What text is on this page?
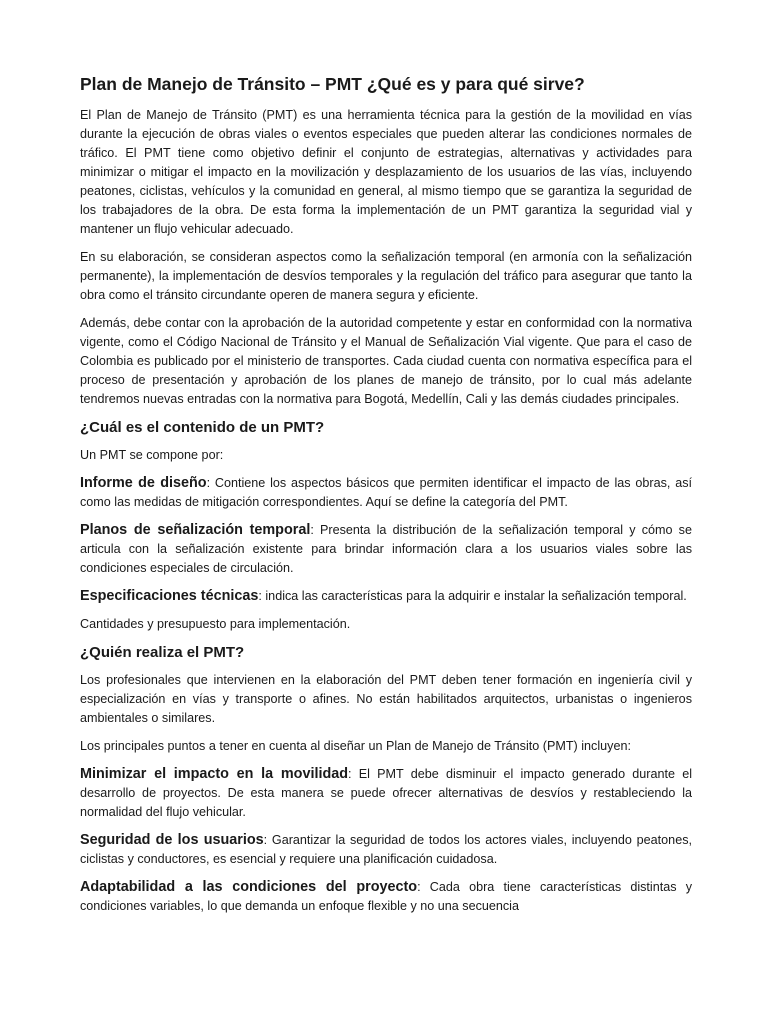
Plan de Manejo de Tránsito – PMT ¿Qué es y para qué sirve?

El Plan de Manejo de Tránsito (PMT) es una herramienta técnica para la gestión de la movilidad en vías durante la ejecución de obras viales o eventos especiales que pueden alterar las condiciones normales de tráfico. El PMT tiene como objetivo definir el conjunto de estrategias, alternativas y actividades para minimizar o mitigar el impacto en la movilización y desplazamiento de los usuarios de las vías, incluyendo peatones, ciclistas, vehículos y la comunidad en general, al mismo tiempo que se garantiza la seguridad de los trabajadores de la obra. De esta forma la implementación de un PMT garantiza la seguridad vial y mantener un flujo vehicular adecuado.

En su elaboración, se consideran aspectos como la señalización temporal (en armonía con la señalización permanente), la implementación de desvíos temporales y la regulación del tráfico para asegurar que tanto la obra como el tránsito circundante operen de manera segura y eficiente.

Además, debe contar con la aprobación de la autoridad competente y estar en conformidad con la normativa vigente, como el Código Nacional de Tránsito y el Manual de Señalización Vial vigente. Que para el caso de Colombia es publicado por el ministerio de transportes. Cada ciudad cuenta con normativa específica para el proceso de presentación y aprobación de los planes de manejo de tránsito, por lo cual más adelante tendremos nuevas entradas con la normativa para Bogotá, Medellín, Cali y las demás ciudades principales.

¿Cuál es el contenido de un PMT?

Un PMT se compone por:

Informe de diseño: Contiene los aspectos básicos que permiten identificar el impacto de las obras, así como las medidas de mitigación correspondientes. Aquí se define la categoría del PMT.

Planos de señalización temporal: Presenta la distribución de la señalización temporal y cómo se articula con la señalización existente para brindar información clara a los usuarios viales sobre las condiciones especiales de circulación.

Especificaciones técnicas: indica las características para la adquirir e instalar la señalización temporal.

Cantidades y presupuesto para implementación.

¿Quién realiza el PMT?

Los profesionales que intervienen en la elaboración del PMT deben tener formación en ingeniería civil y especialización en vías y transporte o afines. No están habilitados arquitectos, urbanistas o ingenieros ambientales o similares.

Los principales puntos a tener en cuenta al diseñar un Plan de Manejo de Tránsito (PMT) incluyen:

Minimizar el impacto en la movilidad: El PMT debe disminuir el impacto generado durante el desarrollo de proyectos. De esta manera se puede ofrecer alternativas de desvíos y restableciendo la normalidad del flujo vehicular.

Seguridad de los usuarios: Garantizar la seguridad de todos los actores viales, incluyendo peatones, ciclistas y conductores, es esencial y requiere una planificación cuidadosa.

Adaptabilidad a las condiciones del proyecto: Cada obra tiene características distintas y condiciones variables, lo que demanda un enfoque flexible y no una secuencia
